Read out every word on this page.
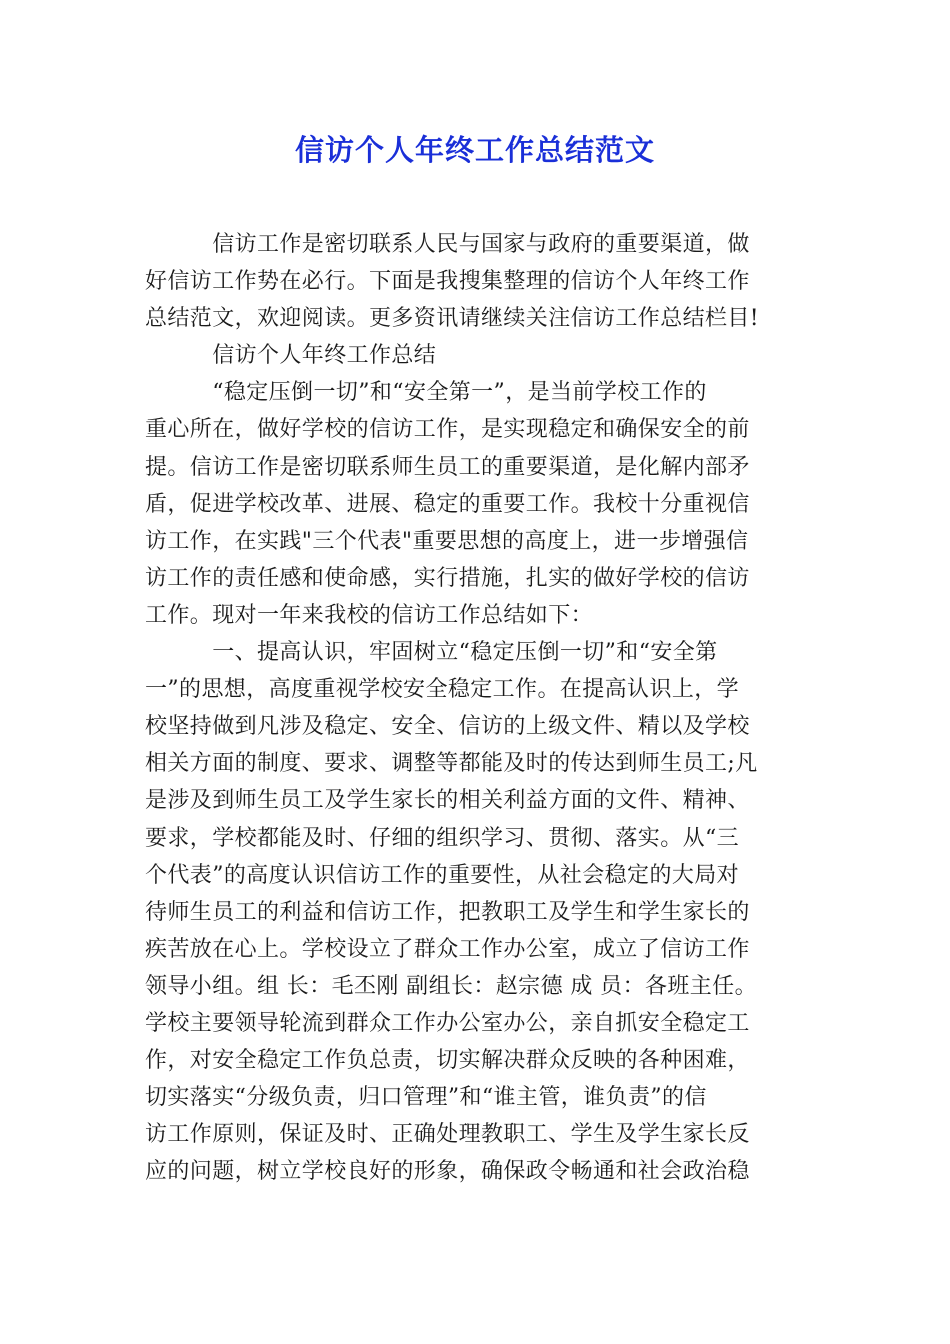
信访个人年终工作总结范文
　　　信访工作是密切联系人民与国家与政府的重要渠道，做
好信访工作势在必行。下面是我搜集整理的信访个人年终工作
总结范文，欢迎阅读。更多资讯请继续关注信访工作总结栏目!
　　　信访个人年终工作总结
　　　“稳定压倒一切”和“安全第一”，是当前学校工作的
重心所在，做好学校的信访工作，是实现稳定和确保安全的前
提。信访工作是密切联系师生员工的重要渠道，是化解内部矛
盾，促进学校改革、进展、稳定的重要工作。我校十分重视信
访工作，在实践"三个代表"重要思想的高度上，进一步增强信
访工作的责任感和使命感，实行措施，扎实的做好学校的信访
工作。现对一年来我校的信访工作总结如下：
　　　一、提高认识，牢固树立“稳定压倒一切”和“安全第
一”的思想，高度重视学校安全稳定工作。在提高认识上，学
校坚持做到凡涉及稳定、安全、信访的上级文件、精以及学校
相关方面的制度、要求、调整等都能及时的传达到师生员工;凡
是涉及到师生员工及学生家长的相关利益方面的文件、精神、
要求，学校都能及时、仔细的组织学习、贯彻、落实。从“三
个代表”的高度认识信访工作的重要性，从社会稳定的大局对
待师生员工的利益和信访工作，把教职工及学生和学生家长的
疾苦放在心上。学校设立了群众工作办公室，成立了信访工作
领导小组。组 长：毛丕刚 副组长：赵宗德 成 员：各班主任。
学校主要领导轮流到群众工作办公室办公，亲自抓安全稳定工
作，对安全稳定工作负总责，切实解决群众反映的各种困难，
切实落实“分级负责，归口管理”和“谁主管，谁负责”的信
访工作原则，保证及时、正确处理教职工、学生及学生家长反
应的问题，树立学校良好的形象，确保政令畅通和社会政治稳
